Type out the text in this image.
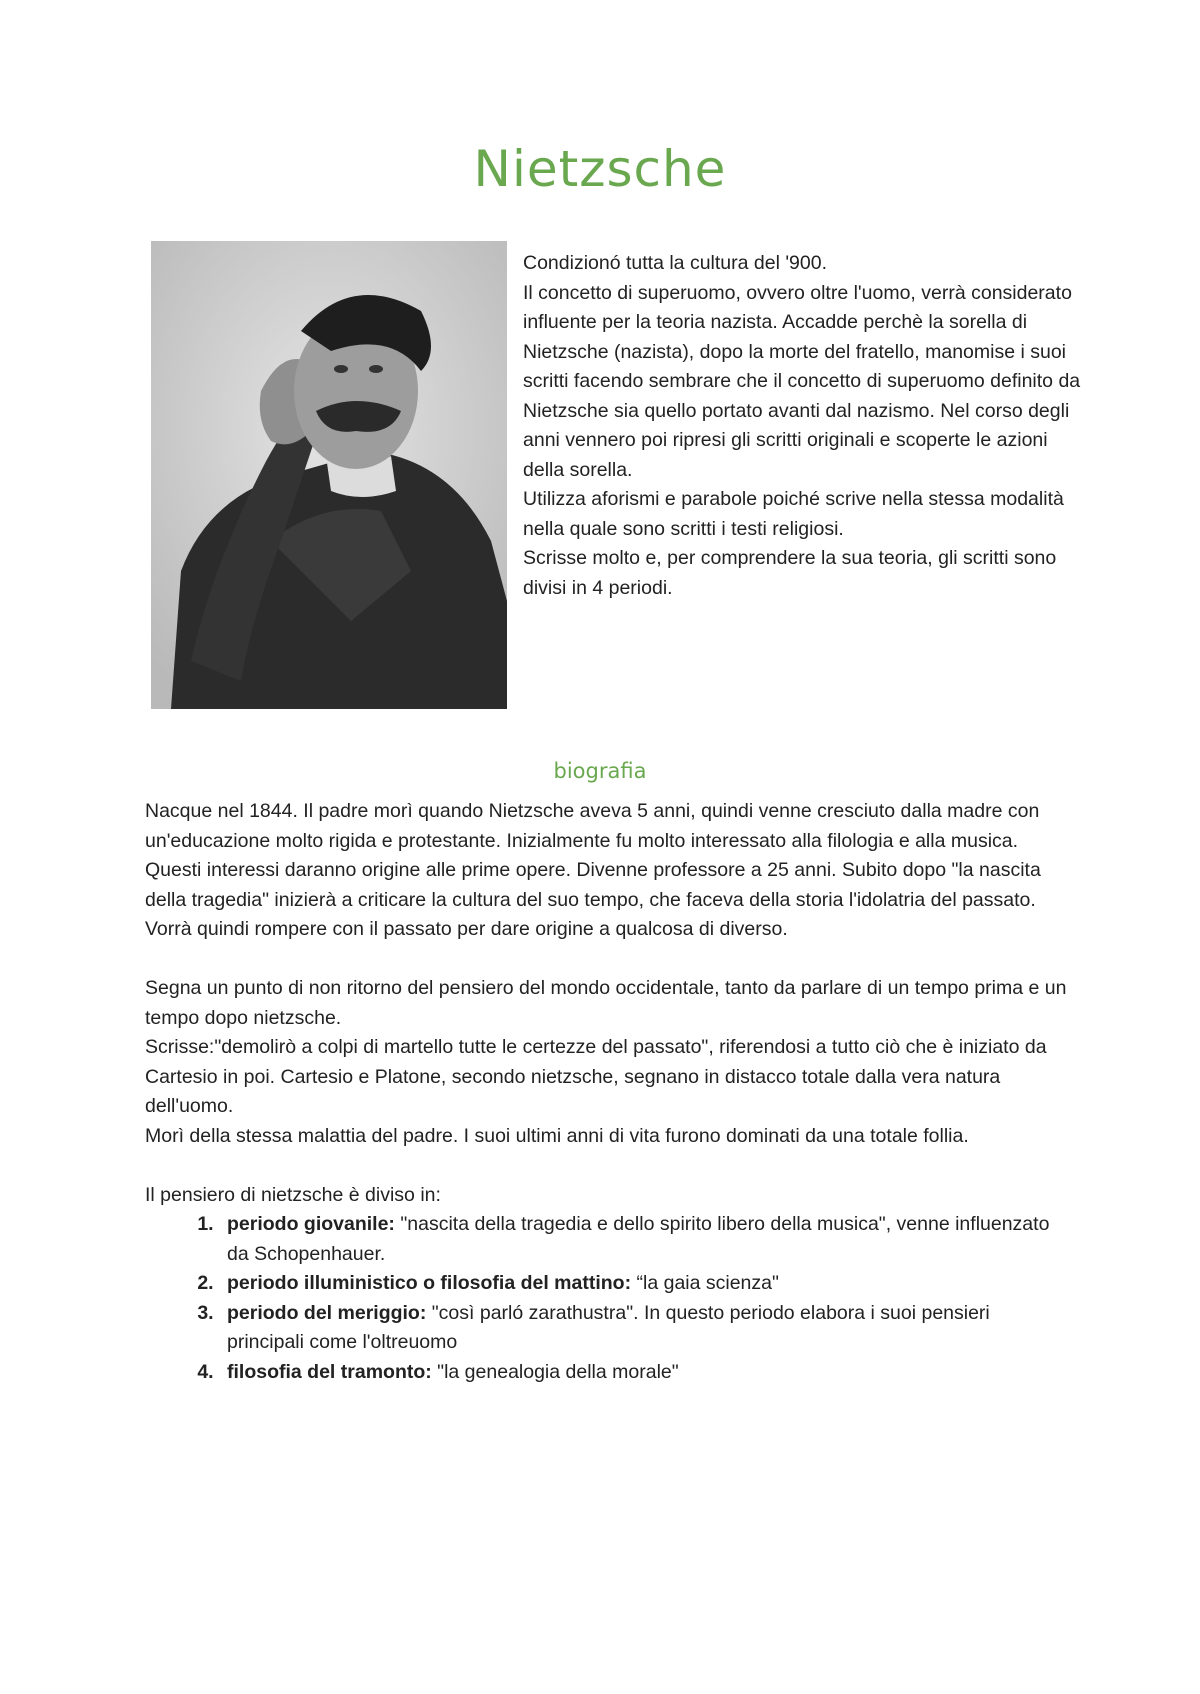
Nietzsche

Condizionó tutta la cultura del '900.

Il concetto di superuomo, ovvero oltre l'uomo, verrà considerato influente per la teoria nazista. Accadde perchè la sorella di Nietzsche (nazista), dopo la morte del fratello, manomise i suoi scritti facendo sembrare che il concetto di superuomo definito da Nietzsche sia quello portato avanti dal nazismo. Nel corso degli anni vennero poi ripresi gli scritti originali e scoperte le azioni della sorella.

Utilizza aforismi e parabole poiché scrive nella stessa modalità nella quale sono scritti i testi religiosi.

Scrisse molto e, per comprendere la sua teoria, gli scritti sono divisi in 4 periodi.

biografia

Nacque nel 1844. Il padre morì quando Nietzsche aveva 5 anni, quindi venne cresciuto dalla madre con un'educazione molto rigida e protestante. Inizialmente fu molto interessato alla filologia e alla musica. Questi interessi daranno origine alle prime opere. Divenne professore a 25 anni. Subito dopo "la nascita della tragedia" inizierà a criticare la cultura del suo tempo, che faceva della storia l'idolatria del passato. Vorrà quindi rompere con il passato per dare origine a qualcosa di diverso.

Segna un punto di non ritorno del pensiero del mondo occidentale, tanto da parlare di un tempo prima e un tempo dopo nietzsche.

Scrisse:"demolirò a colpi di martello tutte le certezze del passato", riferendosi a tutto ciò che è iniziato da Cartesio in poi. Cartesio e Platone, secondo nietzsche, segnano in distacco totale dalla vera natura dell'uomo.

Morì della stessa malattia del padre. I suoi ultimi anni di vita furono dominati da una totale follia.

Il pensiero di nietzsche è diviso in:

1. periodo giovanile: "nascita della tragedia e dello spirito libero della musica", venne influenzato da Schopenhauer.
2. periodo illuministico o filosofia del mattino: “la gaia scienza"
3. periodo del meriggio: "così parló zarathustra". In questo periodo elabora i suoi pensieri principali come l'oltreuomo
4. filosofia del tramonto: "la genealogia della morale"
